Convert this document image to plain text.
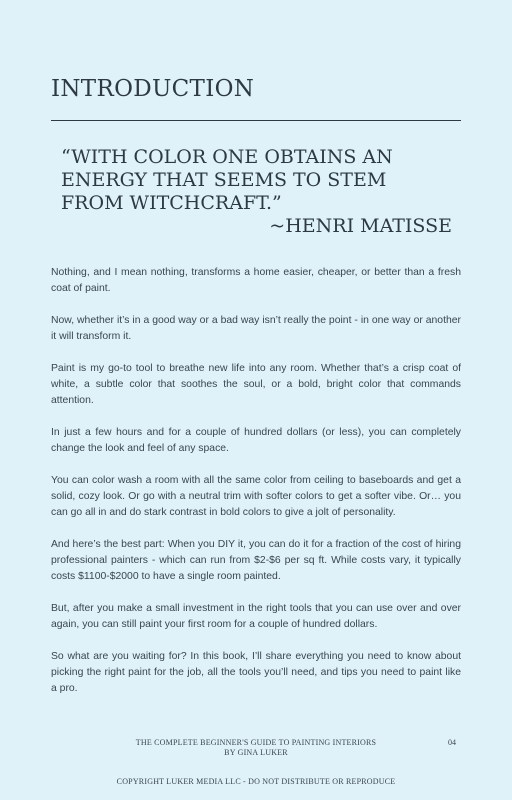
INTRODUCTION
“WITH COLOR ONE OBTAINS AN
ENERGY THAT SEEMS TO STEM
FROM WITCHCRAFT.”
~HENRI MATISSE

Nothing, and I mean nothing, transforms a home easier, cheaper, or better than a fresh coat of paint.

Now, whether it’s in a good way or a bad way isn’t really the point - in one way or another it will transform it.

Paint is my go-to tool to breathe new life into any room. Whether that’s a crisp coat of white, a subtle color that soothes the soul, or a bold, bright color that commands attention.

In just a few hours and for a couple of hundred dollars (or less), you can completely change the look and feel of any space.

You can color wash a room with all the same color from ceiling to baseboards and get a solid, cozy look. Or go with a neutral trim with softer colors to get a softer vibe. Or… you can go all in and do stark contrast in bold colors to give a jolt of personality.

And here’s the best part: When you DIY it, you can do it for a fraction of the cost of hiring professional painters - which can run from $2-$6 per sq ft. While costs vary, it typically costs $1100-$2000 to have a single room painted.

But, after you make a small investment in the right tools that you can use over and over again, you can still paint your first room for a couple of hundred dollars.

So what are you waiting for? In this book, I’ll share everything you need to know about picking the right paint for the job, all the tools you’ll need, and tips you need to paint like a pro.

THE COMPLETE BEGINNER'S GUIDE TO PAINTING INTERIORS
BY GINA LUKER
04
COPYRIGHT LUKER MEDIA LLC - DO NOT DISTRIBUTE OR REPRODUCE
